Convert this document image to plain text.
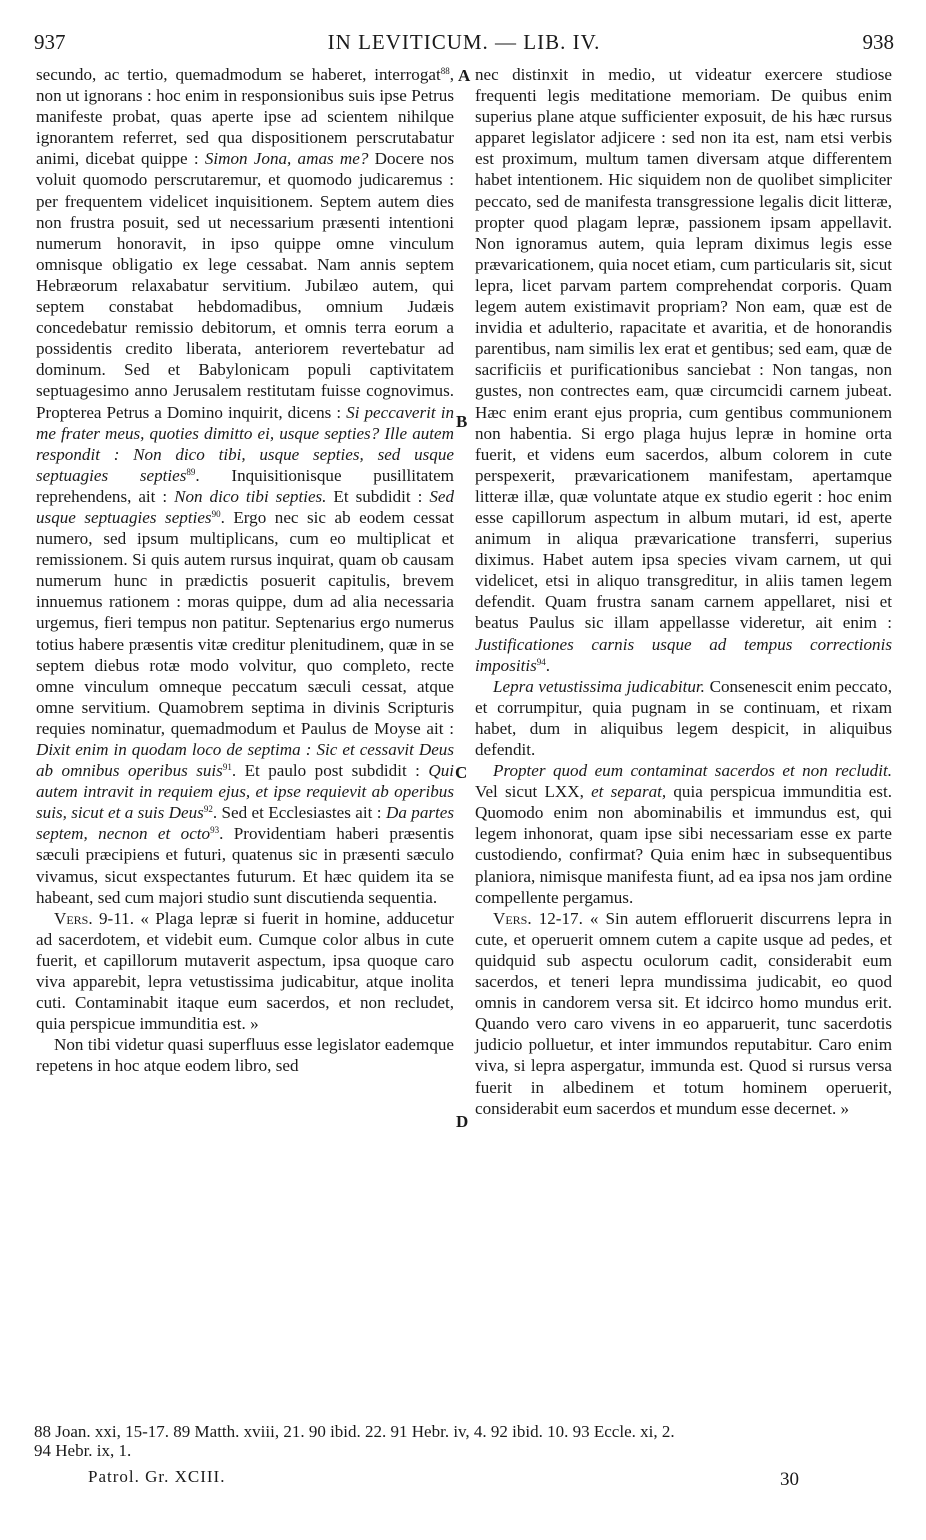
937	IN LEVITICUM. — LIB. IV.	938

secundo, ac tertio, quemadmodum se haberet, interrogat$^{88}$, non ut ignorans : hoc enim in responsionibus suis ipse Petrus manifeste probat, quas aperte ipse ad scientem nihilque ignorantem referret, sed qua dispositionem perscrutabatur animi, dicebat quippe : Simon Jona, amas me? Docere nos voluit quomodo perscrutaremur, et quomodo judicaremus : per frequentem videlicet inquisitionem. Septem autem dies non frustra posuit, sed ut necessarium præsenti intentioni numerum honoravit, in ipso quippe omne vinculum omnisque obligatio ex lege cessabat. Nam annis septem Hebræorum relaxabatur servitium. Jubilæo autem, qui septem constabat hebdomadibus, omnium Judæis concedebatur remissio debitorum, et omnis terra eorum a possidentis credito liberata, anteriorem revertebatur ad dominum. Sed et Babylonicam populi captivitatem septuagesimo anno Jerusalem restitutam fuisse cognovimus. Propterea Petrus a Domino inquirit, dicens : Si peccaverit in me frater meus, quoties dimitto ei, usque septies? Ille autem respondit : Non dico tibi, usque septies, sed usque septuagies septies$^{89}$. Inquisitionisque pusillitatem reprehendens, ait : Non dico tibi septies. Et subdidit : Sed usque septuagies septies$^{90}$. Ergo nec sic ab eodem cessat numero, sed ipsum multiplicans, cum eo multiplicat et remissionem. Si quis autem rursus inquirat, quam ob causam numerum hunc in prædictis posuerit capitulis, brevem innuemus rationem : moras quippe, dum ad alia necessaria urgemus, fieri tempus non patitur. Septenarius ergo numerus totius habere præsentis vitæ creditur plenitudinem, quæ in se septem diebus rotæ modo volvitur, quo completo, recte omne vinculum omneque peccatum sæculi cessat, atque omne servitium. Quamobrem septima in divinis Scripturis requies nominatur, quemadmodum et Paulus de Moyse ait : Dixit enim in quodam loco de septima : Sic et cessavit Deus ab omnibus operibus suis$^{91}$. Et paulo post subdidit : Qui autem intravit in requiem ejus, et ipse requievit ab operibus suis, sicut et a suis Deus$^{92}$. Sed et Ecclesiastes ait : Da partes septem, necnon et octo$^{93}$. Providentiam haberi præsentis sæculi præcipiens et futuri, quatenus sic in præsenti sæculo vivamus, sicut exspectantes futurum. Et hæc quidem ita se habeant, sed cum majori studio sunt discutienda sequentia.

Vers. 9-11. « Plaga lepræ si fuerit in homine, adducetur ad sacerdotem, et videbit eum. Cumque color albus in cute fuerit, et capillorum mutaverit aspectum, ipsa quoque caro viva apparebit, lepra vetustissima judicabitur, atque inolita cuti. Contaminabit itaque eum sacerdos, et non recludet, quia perspicue immunditia est. »

Non tibi videtur quasi superfluus esse legislator eademque repetens in hoc atque eodem libro, sed

nec distinxit in medio, ut videatur exercere studiose frequenti legis meditatione memoriam. De quibus enim superius plane atque sufficienter exposuit, de his hæc rursus apparet legislator adjicere : sed non ita est, nam etsi verbis est proximum, multum tamen diversam atque differentem habet intentionem. Hic siquidem non de quolibet simpliciter peccato, sed de manifesta transgressione legalis dicit litteræ, propter quod plagam lepræ, passionem ipsam appellavit. Non ignoramus autem, quia lepram diximus legis esse prævaricationem, quia nocet etiam, cum particularis sit, sicut lepra, licet parvam partem comprehendat corporis. Quam legem autem existimavit propriam? Non eam, quæ est de invidia et adulterio, rapacitate et avaritia, et de honorandis parentibus, nam similis lex erat et gentibus; sed eam, quæ de sacrificiis et purificationibus sanciebat : Non tangas, non gustes, non contrectes eam, quæ circumcidi carnem jubeat. Hæc enim erant ejus propria, cum gentibus communionem non habentia. Si ergo plaga hujus lepræ in homine orta fuerit, et videns eum sacerdos, album colorem in cute perspexerit, prævaricationem manifestam, apertamque litteræ illæ, quæ voluntate atque ex studio egerit : hoc enim esse capillorum aspectum in album mutari, id est, aperte animum in aliqua prævaricatione transferri, superius diximus. Habet autem ipsa species vivam carnem, ut qui videlicet, etsi in aliquo transgreditur, in aliis tamen legem defendit. Quam frustra sanam carnem appellaret, nisi et beatus Paulus sic illam appellasse videretur, ait enim : Justificationes carnis usque ad tempus correctionis impositis$^{94}$.

Lepra vetustissima judicabitur. Consenescit enim peccato, et corrumpitur, quia pugnam in se continuam, et rixam habet, dum in aliquibus legem despicit, in aliquibus defendit.

Propter quod eum contaminat sacerdos et non recludit. Vel sicut LXX, et separat, quia perspicua immunditia est. Quomodo enim non abominabilis et immundus est, qui legem inhonorat, quam ipse sibi necessariam esse ex parte custodiendo, confirmat? Quia enim hæc in subsequentibus planiora, nimisque manifesta fiunt, ad ea ipsa nos jam ordine compellente pergamus.

Vers. 12-17. « Sin autem effloruerit discurrens lepra in cute, et operuerit omnem cutem a capite usque ad pedes, et quidquid sub aspectu oculorum cadit, considerabit eum sacerdos, et teneri lepra mundissima judicabit, eo quod omnis in candorem versa sit. Et idcirco homo mundus erit. Quando vero caro vivens in eo apparuerit, tunc sacerdotis judicio polluetur, et inter immundos reputabitur. Caro enim viva, si lepra aspergatur, immunda est. Quod si rursus versa fuerit in albedinem et totum hominem operuerit, considerabit eum sacerdos et mundum esse decernet. »

A
B
C
D
88 Joan. xxi, 15-17. 89 Matth. xviii, 21. 90 ibid. 22. 91 Hebr. iv, 4. 92 ibid. 10. 93 Eccle. xi, 2.
94 Hebr. ix, 1.
Patrol. Gr. XCIII.	30
